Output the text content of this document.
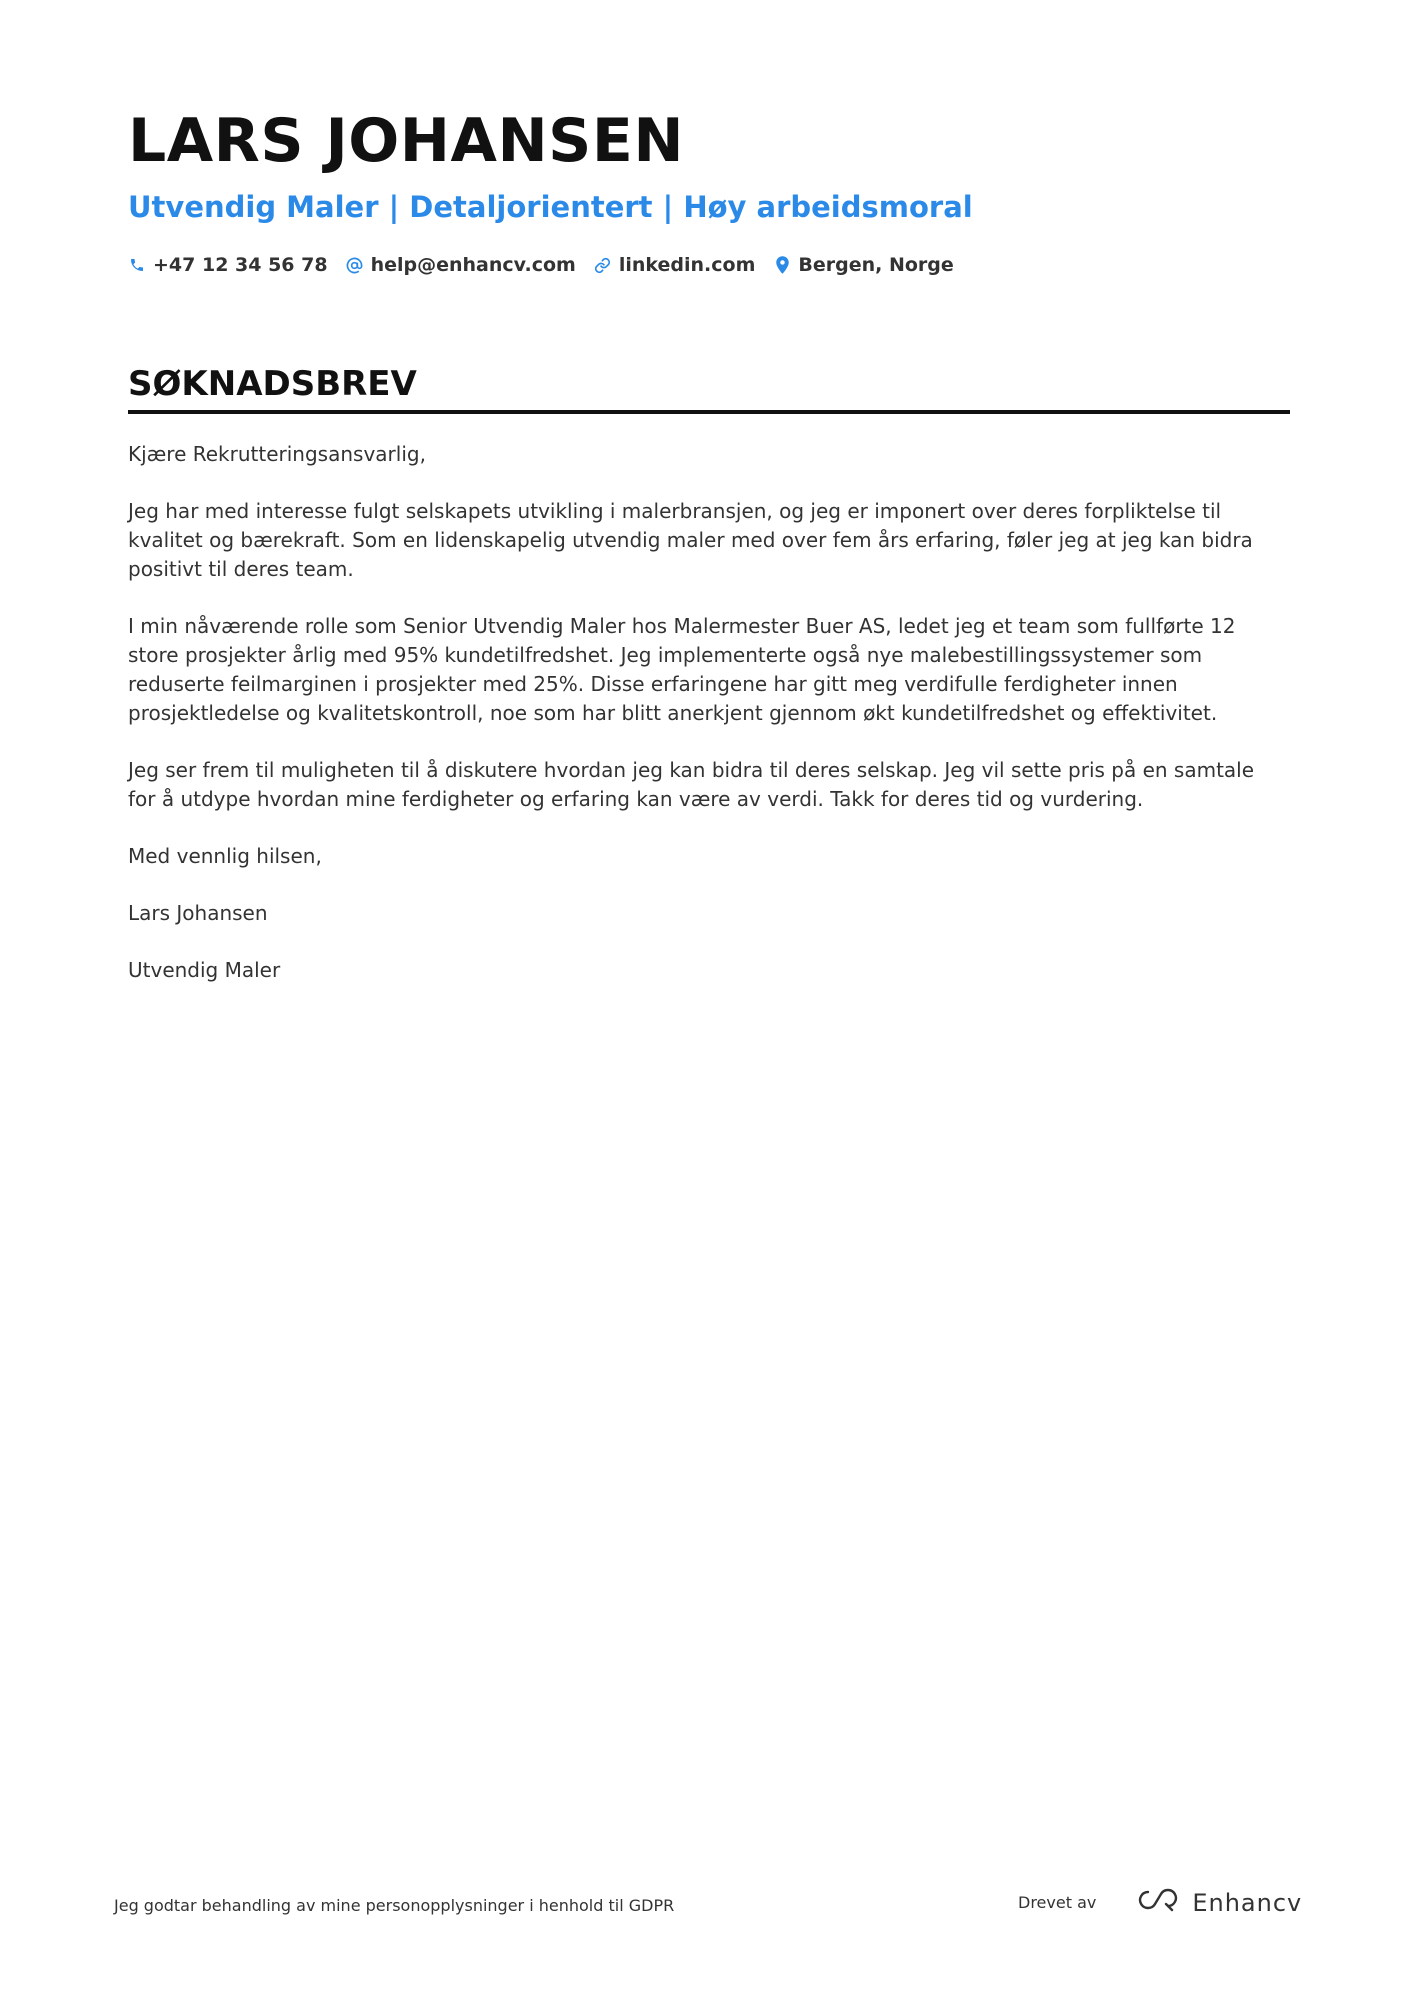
LARS JOHANSEN
Utvendig Maler | Detaljorientert | Høy arbeidsmoral
+47 12 34 56 78 help@enhancv.com linkedin.com Bergen, Norge
SØKNADSBREV

Kjære Rekrutteringsansvarlig,

Jeg har med interesse fulgt selskapets utvikling i malerbransjen, og jeg er imponert over deres forpliktelse til kvalitet og bærekraft. Som en lidenskapelig utvendig maler med over fem års erfaring, føler jeg at jeg kan bidra positivt til deres team.

I min nåværende rolle som Senior Utvendig Maler hos Malermester Buer AS, ledet jeg et team som fullførte 12 store prosjekter årlig med 95% kundetilfredshet. Jeg implementerte også nye malebestillingssystemer som reduserte feilmarginen i prosjekter med 25%. Disse erfaringene har gitt meg verdifulle ferdigheter innen prosjektledelse og kvalitetskontroll, noe som har blitt anerkjent gjennom økt kundetilfredshet og effektivitet.

Jeg ser frem til muligheten til å diskutere hvordan jeg kan bidra til deres selskap. Jeg vil sette pris på en samtale for å utdype hvordan mine ferdigheter og erfaring kan være av verdi. Takk for deres tid og vurdering.

Med vennlig hilsen,

Lars Johansen

Utvendig Maler

Jeg godtar behandling av mine personopplysninger i henhold til GDPR	Drevet av	Enhancv
